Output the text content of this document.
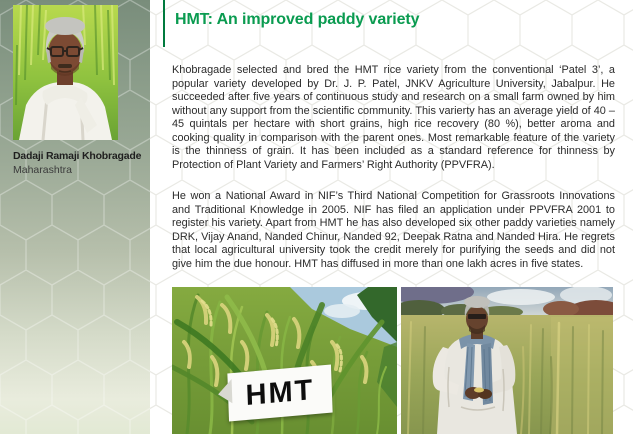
Dadaji Ramaji Khobragade
Maharashtra
HMT: An improved paddy variety

Khobragade selected and bred the HMT rice variety from the conventional ‘Patel 3’, a popular variety developed by Dr. J. P. Patel, JNKV Agriculture University, Jabalpur. He succeeded after five years of continuous study and research on a small farm owned by him without any support from the scientific community. This varierty has an average yield of 40 – 45 quintals per hectare with short grains, high rice recovery (80 %), better aroma and cooking quality in comparison with the parent ones. Most remarkable feature of the variety is the thinness of grain. It has been included as a standard reference for thinness by Protection of Plant Variety and Farmers’ Right Authority (PPVFRA).

He won a National Award in NIF’s Third National Competition for Grassroots Innovations and Traditional Knowledge in 2005. NIF has filed an application under PPVFRA 2001 to register his variety. Apart from HMT he has also developed six other paddy varieties namely DRK, Vijay Anand, Nanded Chinur, Nanded 92, Deepak Ratna and Nanded Hira. He regrets that local agricultural university took the credit merely for purifying the seeds and did not give him the due honour. HMT has diffused in more than one lakh acres in five states.

HMT
